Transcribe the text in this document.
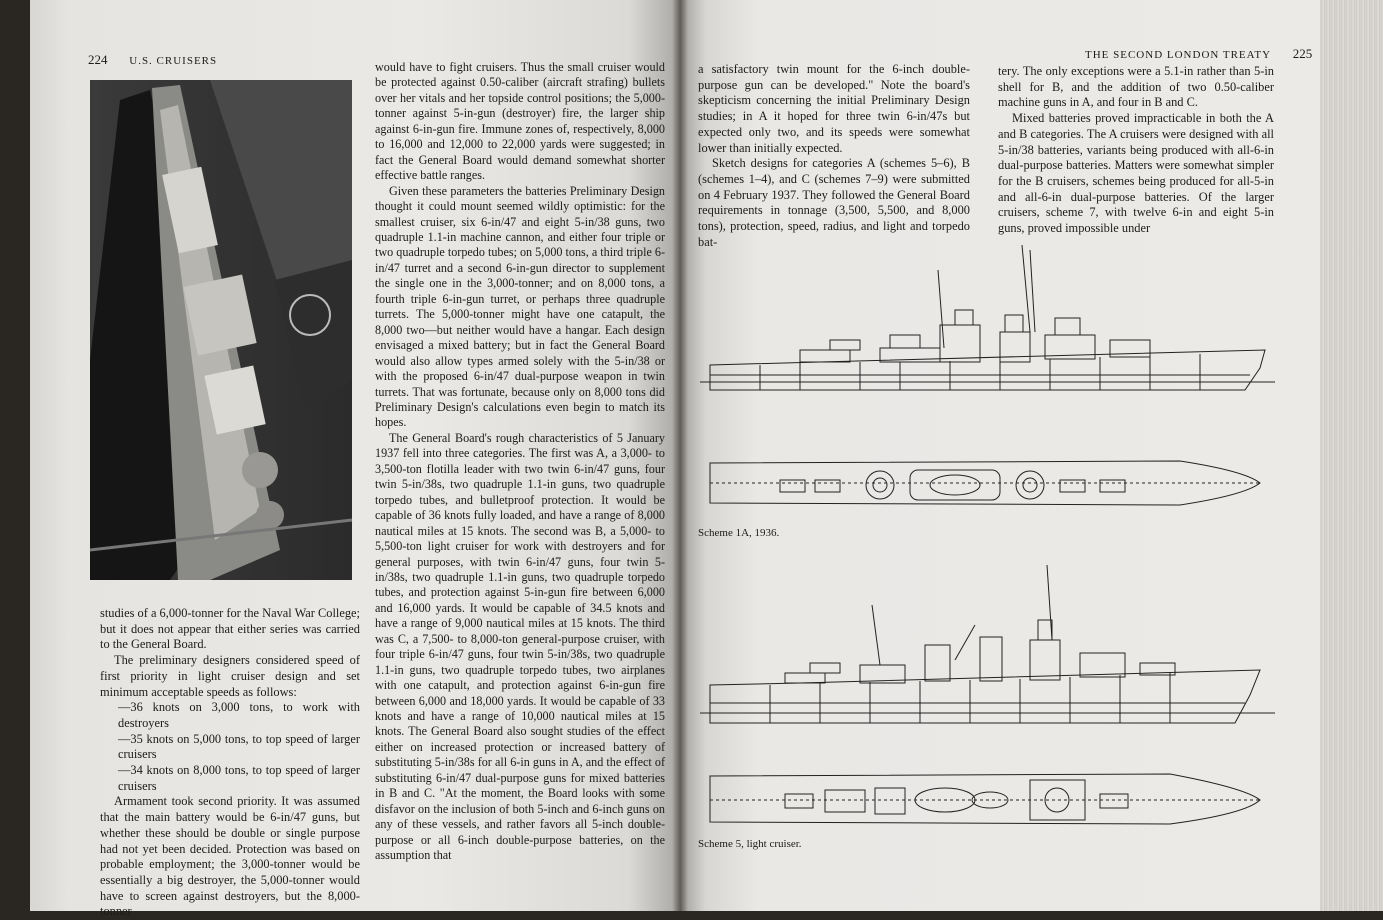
224 U.S. CRUISERS

studies of a 6,000-tonner for the Naval War College; but it does not appear that either series was carried to the General Board.

The preliminary designers considered speed of first priority in light cruiser design and set minimum acceptable speeds as follows:

—36 knots on 3,000 tons, to work with destroyers

—35 knots on 5,000 tons, to top speed of larger cruisers

—34 knots on 8,000 tons, to top speed of larger cruisers

Armament took second priority. It was assumed that the main battery would be 6-in/47 guns, but whether these should be double or single purpose had not yet been decided. Protection was based on probable employment; the 3,000-tonner would be essentially a big destroyer, the 5,000-tonner would have to screen against destroyers, but the 8,000-tonner

would have to fight cruisers. Thus the small cruiser would be protected against 0.50-caliber (aircraft strafing) bullets over her vitals and her topside control positions; the 5,000-tonner against 5-in-gun (destroyer) fire, the larger ship against 6-in-gun fire. Immune zones of, respectively, 8,000 to 16,000 and 12,000 to 22,000 yards were suggested; in fact the General Board would demand somewhat shorter effective battle ranges.

Given these parameters the batteries Preliminary Design thought it could mount seemed wildly optimistic: for the smallest cruiser, six 6-in/47 and eight 5-in/38 guns, two quadruple 1.1-in machine cannon, and either four triple or two quadruple torpedo tubes; on 5,000 tons, a third triple 6-in/47 turret and a second 6-in-gun director to supplement the single one in the 3,000-tonner; and on 8,000 tons, a fourth triple 6-in-gun turret, or perhaps three quadruple turrets. The 5,000-tonner might have one catapult, the 8,000 two—but neither would have a hangar. Each design envisaged a mixed battery; but in fact the General Board would also allow types armed solely with the 5-in/38 or with the proposed 6-in/47 dual-purpose weapon in twin turrets. That was fortunate, because only on 8,000 tons did Preliminary Design's calculations even begin to match its hopes.

The General Board's rough characteristics of 5 January 1937 fell into three categories. The first was A, a 3,000- to 3,500-ton flotilla leader with two twin 6-in/47 guns, four twin 5-in/38s, two quadruple 1.1-in guns, two quadruple torpedo tubes, and bulletproof protection. It would be capable of 36 knots fully loaded, and have a range of 8,000 nautical miles at 15 knots. The second was B, a 5,000- to 5,500-ton light cruiser for work with destroyers and for general purposes, with twin 6-in/47 guns, four twin 5-in/38s, two quadruple 1.1-in guns, two quadruple torpedo tubes, and protection against 5-in-gun fire between 6,000 and 16,000 yards. It would be capable of 34.5 knots and have a range of 9,000 nautical miles at 15 knots. The third was C, a 7,500- to 8,000-ton general-purpose cruiser, with four triple 6-in/47 guns, four twin 5-in/38s, two quadruple 1.1-in guns, two quadruple torpedo tubes, two airplanes with one catapult, and protection against 6-in-gun fire between 6,000 and 18,000 yards. It would be capable of 33 knots and have a range of 10,000 nautical miles at 15 knots. The General Board also sought studies of the effect either on increased protection or increased battery of substituting 5-in/38s for all 6-in guns in A, and the effect of substituting 6-in/47 dual-purpose guns for mixed batteries in B and C. "At the moment, the Board looks with some disfavor on the inclusion of both 5-inch and 6-inch guns on any of these vessels, and rather favors all 5-inch double-purpose or all 6-inch double-purpose batteries, on the assumption that

THE SECOND LONDON TREATY 225

a satisfactory twin mount for the 6-inch double-purpose gun can be developed." Note the board's skepticism concerning the initial Preliminary Design studies; in A it hoped for three twin 6-in/47s but expected only two, and its speeds were somewhat lower than initially expected.

Sketch designs for categories A (schemes 5–6), B (schemes 1–4), and C (schemes 7–9) were submitted on 4 February 1937. They followed the General Board requirements in tonnage (3,500, 5,500, and 8,000 tons), protection, speed, radius, and light and torpedo bat-

tery. The only exceptions were a 5.1-in rather than 5-in shell for B, and the addition of two 0.50-caliber machine guns in A, and four in B and C.

Mixed batteries proved impracticable in both the A and B categories. The A cruisers were designed with all 5-in/38 batteries, variants being produced with all-6-in dual-purpose batteries. Matters were somewhat simpler for the B cruisers, schemes being produced for all-5-in and all-6-in dual-purpose batteries. Of the larger cruisers, scheme 7, with twelve 6-in and eight 5-in guns, proved impossible under

Scheme 1A, 1936.
Scheme 5, light cruiser.
